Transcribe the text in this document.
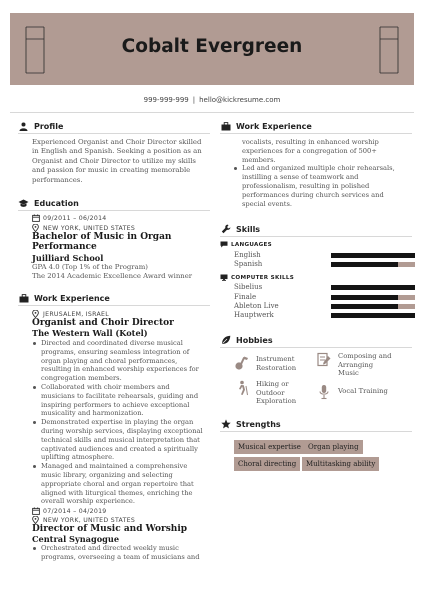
Cobalt Evergreen
999-999-999 | hello@kickresume.com
Profile
Experienced Organist and Choir Director skilled
in English and Spanish. Seeking a position as an
Organist and Choir Director to utilize my skills
and passion for music in creating memorable
performances.
Education
09/2011 – 06/2014
NEW YORK, UNITED STATES
Bachelor of Music in Organ
Performance
Juilliard School
GPA 4.0 (Top 1% of the Program)
The 2014 Academic Excellence Award winner
Work Experience
JERUSALEM, ISRAEL
Organist and Choir Director
The Western Wall (Kotel)
Directed and coordinated diverse musical
programs, ensuring seamless integration of
organ playing and choral performances,
resulting in enhanced worship experiences for
congregation members.
Collaborated with choir members and
musicians to facilitate rehearsals, guiding and
inspiring performers to achieve exceptional
musicality and harmonization.
Demonstrated expertise in playing the organ
during worship services, displaying exceptional
technical skills and musical interpretation that
captivated audiences and created a spiritually
uplifting atmosphere.
Managed and maintained a comprehensive
music library, organizing and selecting
appropriate choral and organ repertoire that
aligned with liturgical themes, enriching the
overall worship experience.
07/2014 – 04/2019
NEW YORK, UNITED STATES
Director of Music and Worship
Central Synagogue
Orchestrated and directed weekly music
programs, overseeing a team of musicians and
Work Experience
vocalists, resulting in enhanced worship
experiences for a congregation of 500+
members.
Led and organized multiple choir rehearsals,
instilling a sense of teamwork and
professionalism, resulting in polished
performances during church services and
special events.
Skills
LANGUAGES
English
Spanish
COMPUTER SKILLS
Sibelius
Finale
Ableton Live
Hauptwerk
Hobbies
Instrument
Restoration
Composing and
Arranging
Music
Hiking or
Outdoor
Exploration
Vocal Training
Strengths
Musical expertise	Organ playing
Choral directing	Multitasking ability
